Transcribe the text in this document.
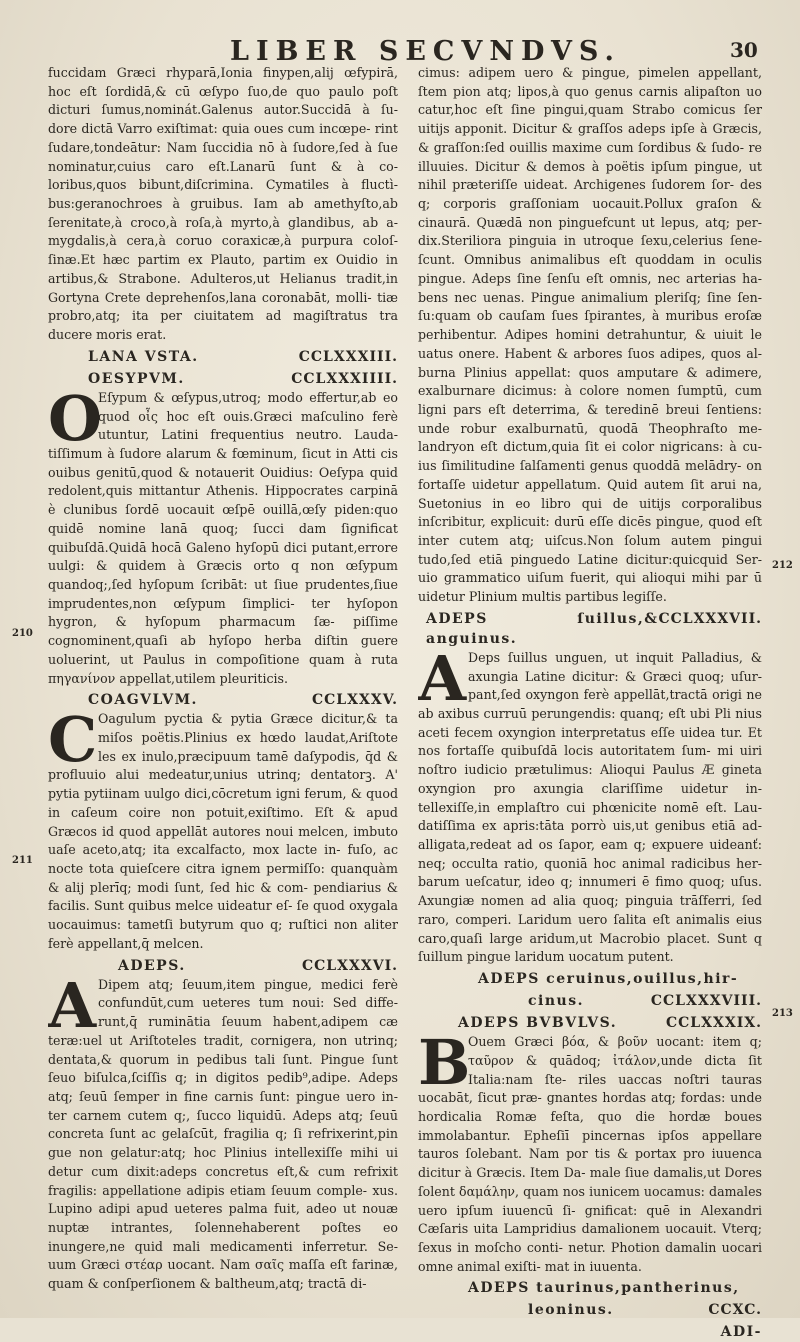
LIBER SECVNDVS.	30
210
211
212
213

fuccidam Græci rhyparā,Ionia finypen,alij œfypirā, hoc eſt ſordidā,& cū œſypo ſuo,de quo paulo poſt dicturi ſumus,nominát.Galenus autor.Succidā à ſu- dore dictā Varro exiſtimat: quia oues cum incœpe- rint ſudare,tondeātur: Nam ſuccidia nō à ſudore,ſed à ſue nominatur,cuius caro eſt.Lanarū ſunt & à co- loribus,quos bibunt,diſcrimina. Cymatiles à fluctì- bus:geranochroes à gruibus. Iam ab amethyſto,ab ſerenitate,à croco,à roſa,à myrto,à glandibus, ab a- mygdalis,à cera,à coruo coraxicæ,à purpura coloſ- ſinæ.Et hæc partim ex Plauto, partim ex Ouidio in artibus,& Strabone. Adulteros,ut Helianus tradit,in Gortyna Crete deprehenſos,lana coronabāt, molli- tiæ probro,atq; ita per ciuitatem ad magiſtratus tra ducere moris erat.

LANA VSTA.	CCLXXXIII.
OESYPVM.	CCLXXXIIII.
O

Eſypum & œſypus,utroq; modo effertur,ab eo quod οἶς hoc eſt ouis.Græci maſculino ferè utuntur, Latini frequentius neutro. Lauda- tiſſimum à ſudore alarum & fœminum, ſicut in Atti cis ouibus genitū,quod & notauerit Ouidius: Oeſypa quid redolent,quis mittantur Athenis. Hippocrates carpinā è clunibus ſordē uocauit œſpē ouillā,œſy piden:quo quidē nomine lanā quoq; ſucci dam ſignificat quibuſdā.Quidā hocā Galeno hyſopū dici putant,errore uulgi: & quidem à Græcis orto q non œſypum quandoq;,ſed hyſopum ſcribāt: ut ſiue prudentes,ſiue imprudentes,non œſypum ſimplici- ter hyſopon hygron, & hyſopum pharmacum ſæ- piſſime cognominent,quaſi ab hyſopo herba diſtin guere uoluerint, ut Paulus in compoſitione quam à ruta πηγανίνον appellat,utilem pleuriticis.

COAGVLVM.	CCLXXXV.
C Oagulum pyctia & pytia Græce dicitur,& ta miſos poëtis.Plinius ex hœdo laudat,Ariſtote les ex inulo,præcipuum tamē daſypodis, q̄d & profluuio alui medeatur,unius utrinq; dentatorꝫ. A' pytia pytiinam uulgo dici,cōcretum igni ferum, & quod in caſeum coire non potuit,exiſtimo. Eſt & apud Græcos id quod appellāt autores noui melcen, imbuto uaſe aceto,atq; ita excalfacto, mox lacte in- fuſo, ac nocte tota quieſcere citra ignem permiſſo: quanquàm & alij plerīq; modi ſunt, ſed hic & com- pendiarius & facilis. Sunt quibus melce uideatur eſ- ſe quod oxygala uocauimus: tametſi butyrum quo q; ruſtici non aliter ferè appellant,q̄ melcen.

ADEPS.	CCLXXXVI.
A Dipem atq; ſeuum,item pingue, medici ferè confundūt,cum ueteres tum noui: Sed diffe- runt,q̄ ruminātia ſeuum habent,adipem cæ teræ:uel ut Ariſtoteles tradit, cornigera, non utrinq; dentata,& quorum in pedibus tali ſunt. Pingue ſunt ſeuo biſulca,ſciſſis q; in digitos pedib⁹,adipe. Adeps atq; ſeuū ſemper in fine carnis ſunt: pingue uero in- ter carnem cutem q;, ſucco liquidū. Adeps atq; ſeuū concreta ſunt ac gelaſcūt, fragilia q; ſi refrixerint,pin gue non gelatur:atq; hoc Plinius intellexiſſe mihi ui detur cum dixit:adeps concretus eſt,& cum refrixit fragilis: appellatione adipis etiam ſeuum comple- xus. Lupino adipi apud ueteres palma fuit, adeo ut nouæ nuptæ intrantes, ſolennehaberent poſtes eo inungere,ne quid mali medicamenti inferretur. Se- uum Græci στέαρ uocant. Nam σαῖς maſſa eſt farinæ, quam & conſperſionem & baltheum,atq; tractā di-

cimus: adipem uero & pingue, pimelen appellant, ſtem pion atq; lipos,à quo genus carnis alipaſton uo catur,hoc eſt ſine pingui,quam Strabo comicus ſer uitijs apponit. Dicitur & graſſos adeps ipſe à Græcis, & graſſon:ſed ouillis maxime cum ſordibus & ſudo- re illuuies. Dicitur & demos à poëtis ipſum pingue, ut nihil præteriſſe uideat. Archigenes ſudorem ſor- des q; corporis graſſoniam uocauit.Pollux graſon & cinaurā. Quædā non pinguefcunt ut lepus, atq; per- dix.Steriliora pinguia in utroque ſexu,celerius ſene- ſcunt. Omnibus animalibus eſt quoddam in oculis pingue. Adeps ſine ſenſu eſt omnis, nec arterias ha- bens nec uenas. Pingue animalium pleriſq; ſine ſen- ſu:quam ob cauſam ſues ſpirantes, à muribus eroſæ perhibentur. Adipes homini detrahuntur, & uiuit le uatus onere. Habent & arbores ſuos adipes, quos al- burna Plinius appellat: quos amputare & adimere, exalburnare dicimus: à colore nomen ſumptū, cum ligni pars eſt deterrima, & teredinē breui ſentiens: unde robur exalburnatū, quodā Theophraſto me- landryon eſt dictum,quia ſit ei color nigricans: à cu- ius ſimilitudine ſalſamenti genus quoddā melādry- on fortaſſe uidetur appellatum. Quid autem ſit arui na, Suetonius in eo libro qui de uitijs corporalibus inſcribitur, explicuit: durū eſſe dicēs pingue, quod eſt inter cutem atq; uiſcus.Non ſolum autem pingui tudo,ſed etiā pinguedo Latine dicitur:quicquid Ser- uio grammatico uiſum fuerit, qui alioqui mihi par ū uidetur Plinium multis partibus legiſſe.

ADEPS ſuillus,& anguinus.
CCLXXXVII.
A Deps ſuillus unguen, ut inquit Palladius, & axungia Latine dicitur: & Græci quoq; uſur- pant,ſed oxyngon ferè appellāt,tractā origi ne ab axibus curruū perungendis: quanq; eſt ubi Pli nius aceti fecem oxyngion interpretatus eſſe uidea tur. Et nos fortaſſe quibuſdā locis autoritatem ſum- mi uiri noſtro iudicio prætulimus: Alioqui Paulus Æ gineta oxyngion pro axungia clariſſime uidetur in- tellexiſſe,in emplaſtro cui phœnicite nomē eſt. Lau- datiſſima ex apris:tāta porrò uis,ut genibus etiā ad- alligata,redeat ad os ſapor, eam q; expuere uideanť: neq; occulta ratio, quoniā hoc animal radicibus her- barum ueſcatur, ideo q; innumeri ē fimo quoq; uſus. Axungiæ nomen ad alia quoq; pinguia trāſferri, ſed raro, comperi. Laridum uero ſalita eſt animalis eius caro,quaſi large aridum,ut Macrobio placet. Sunt q ſuillum pingue laridum uocatum putent.

ADEPS ceruinus,ouillus,hir-
cinus.	CCLXXXVIII.
ADEPS BVBVLVS.	CCLXXXIX.
B

Ouem Græci βόα, & βοῦν uocant: item q; ταῦρον & quādoq; ἰτάλον,unde dicta ſit Italia:nam ſte- riles uaccas noſtri tauras uocabāt, ſicut præ- gnantes hordas atq; fordas: unde hordicalia Romæ feſta, quo die hordæ boues immolabantur. Epheſiī pincernas ipſos appellare tauros ſolebant. Nam por tis & portax pro iuuenca dicitur à Græcis. Item Da- male ſiue damalis,ut Dores ſolent δαμάλην, quam nos iunicem uocamus: damales uero ipſum iuuencū ſi- gnificat: quē in Alexandri Cæſaris uita Lampridius damalionem uocauit. Vterq; ſexus in moſcho conti- netur. Photion damalin uocari omne animal exiſti- mat in iuuenta.

ADEPS taurinus,pantherinus,
leoninus.	CCXC.
ADI-
